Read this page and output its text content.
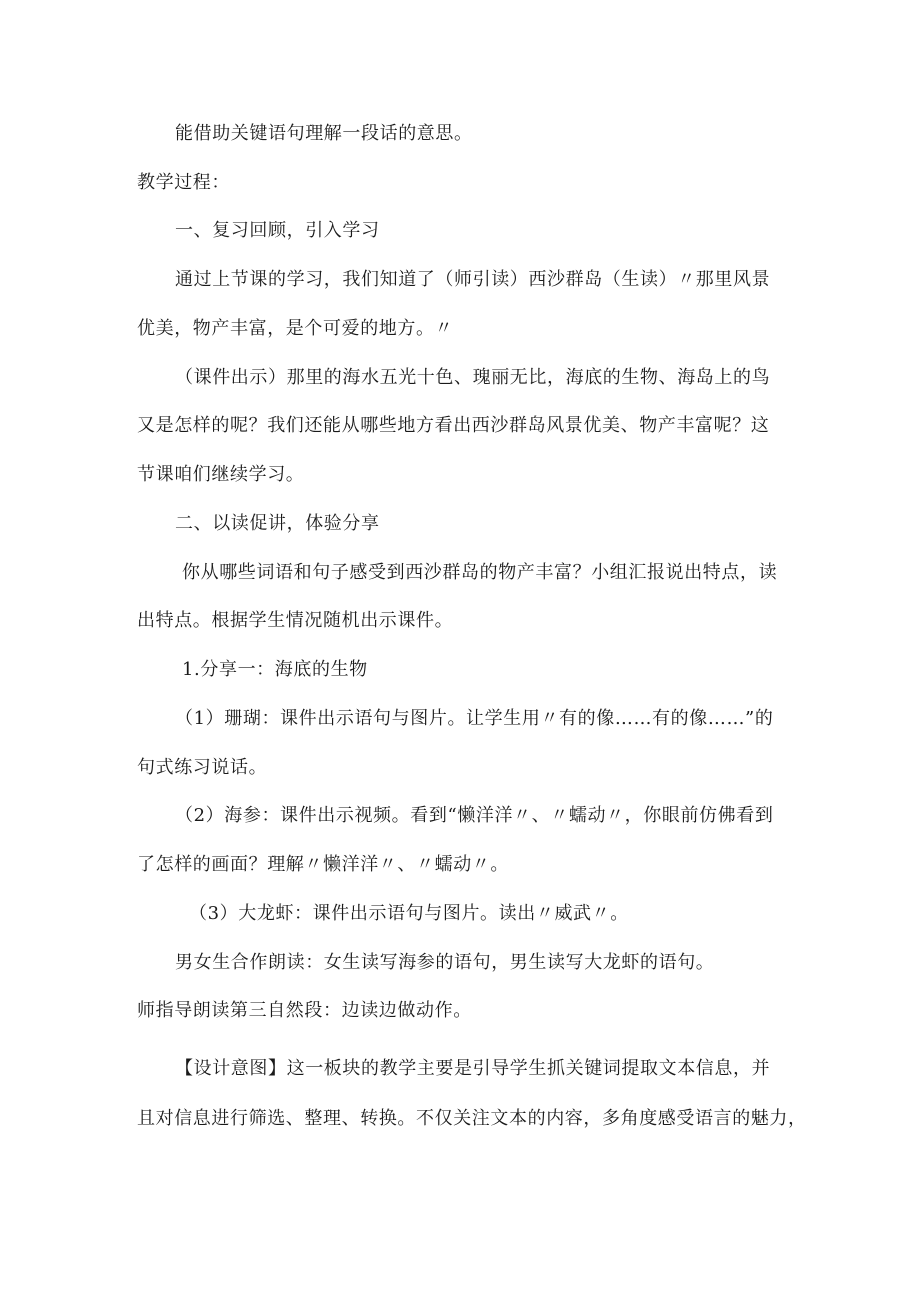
能借助关键语句理解一段话的意思。
教学过程：
一、复习回顾，引入学习
通过上节课的学习，我们知道了（师引读）西沙群岛（生读）〃那里风景
优美，物产丰富，是个可爱的地方。〃
（课件出示）那里的海水五光十色、瑰丽无比，海底的生物、海岛上的鸟
又是怎样的呢？我们还能从哪些地方看出西沙群岛风景优美、物产丰富呢？这
节课咱们继续学习。
二、以读促讲，体验分享
你从哪些词语和句子感受到西沙群岛的物产丰富？小组汇报说出特点，读
出特点。根据学生情况随机出示课件。
1.分享一：海底的生物
（1）珊瑚：课件出示语句与图片。让学生用〃有的像……有的像……”的
句式练习说话。
（2）海参：课件出示视频。看到“懒洋洋〃、〃蠕动〃，你眼前仿佛看到
了怎样的画面？理解〃懒洋洋〃、〃蠕动〃。
（3）大龙虾：课件出示语句与图片。读出〃威武〃。
男女生合作朗读：女生读写海参的语句，男生读写大龙虾的语句。
师指导朗读第三自然段：边读边做动作。
【设计意图】这一板块的教学主要是引导学生抓关键词提取文本信息，并
且对信息进行筛选、整理、转换。不仅关注文本的内容，多角度感受语言的魅力，
